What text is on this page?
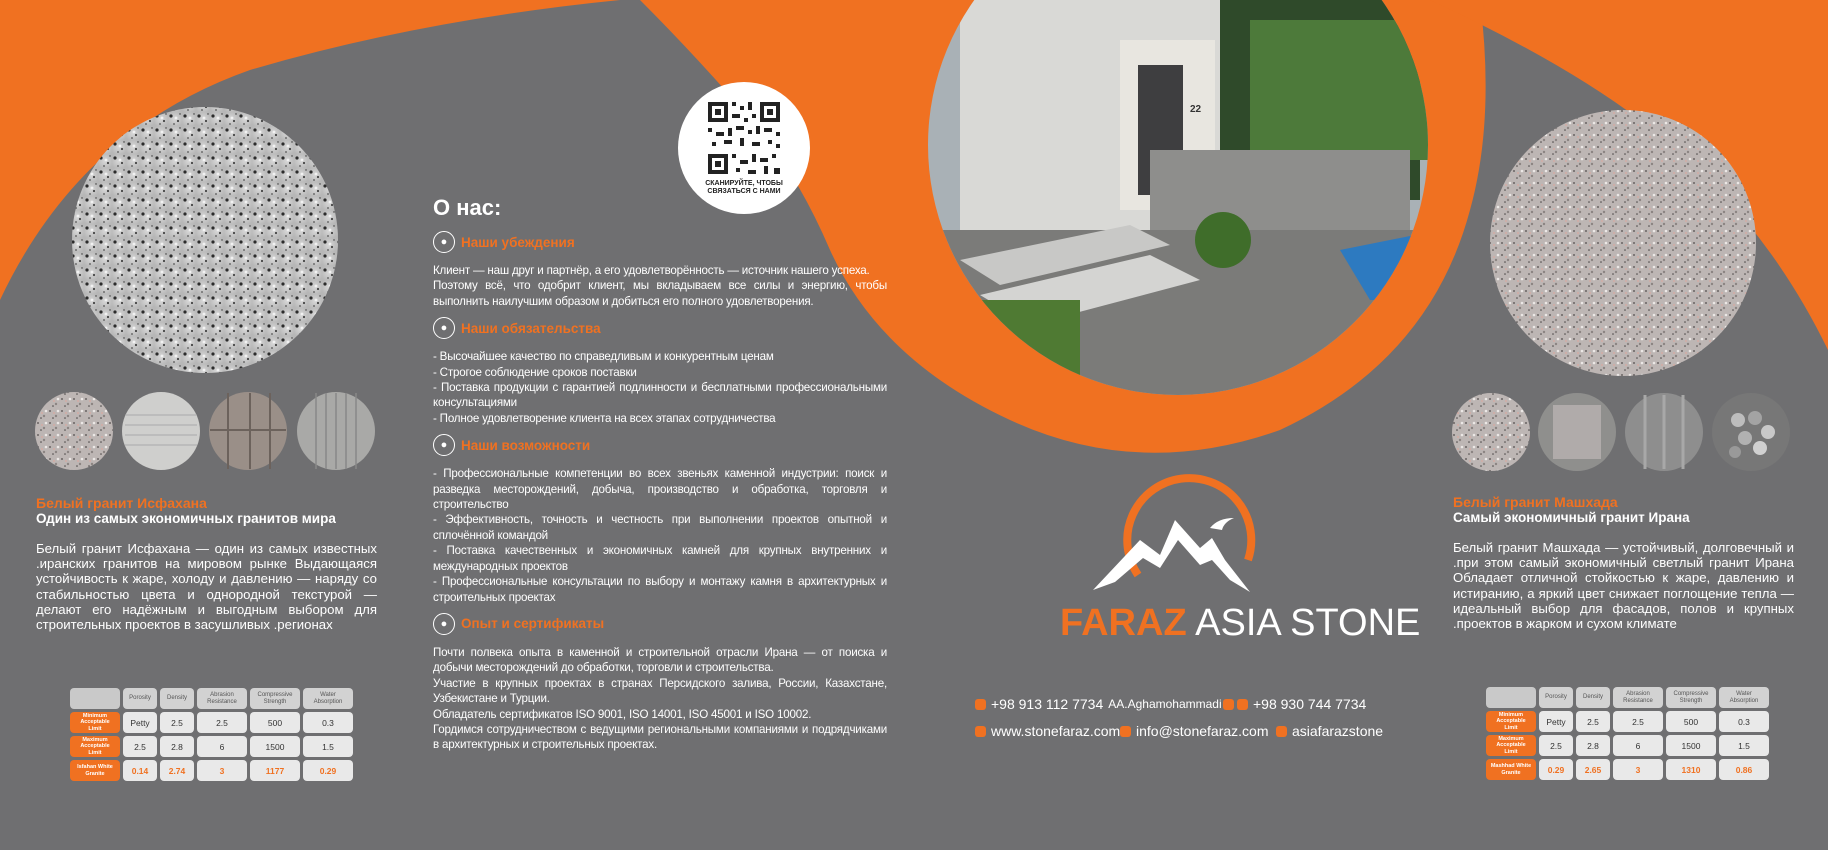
СКАНИРУЙТЕ, ЧТОБЫ СВЯЗАТЬСЯ С НАМИ
22
Белый гранит Исфахана
Один из самых экономичных гранитов мира
Белый гранит Исфахана — один из самых известных .иранских гранитов на мировом рынке Выдающаяся устойчивость к жаре, холоду и давлению — наряду со стабильностью цвета и однородной текстурой — делают его надёжным и выгодным выбором для строительных проектов в засушливых .регионах
	Porosity	Density	Abrasion Resistance	Compressive Strength	Water Absorption
Minimum Acceptable Limit	Petty	2.5	2.5	500	0.3
Maximum Acceptable Limit	2.5	2.8	6	1500	1.5
Isfahan White Granite	0.14	2.74	3	1177	0.29
О нас:
●	Наши убеждения

Клиент — наш друг и партнёр, а его удовлетворённость — источник нашего успеха.

Поэтому всё, что одобрит клиент, мы вкладываем все силы и энергию, чтобы выполнить наилучшим образом и добиться его полного удовлетворения.

●	Наши обязательства

- Высочайшее качество по справедливым и конкурентным ценам

- Строгое соблюдение сроков поставки

- Поставка продукции с гарантией подлинности и бесплатными профессиональными консультациями

- Полное удовлетворение клиента на всех этапах сотрудничества

●	Наши возможности

- Профессиональные компетенции во всех звеньях каменной индустрии: поиск и разведка месторождений, добыча, производство и обработка, торговля и строительство

- Эффективность, точность и честность при выполнении проектов опытной и сплочённой командой

- Поставка качественных и экономичных камней для крупных внутренних и международных проектов

- Профессиональные консультации по выбору и монтажу камня в архитектурных и строительных проектах

●	Опыт и сертификаты

Почти полвека опыта в каменной и строительной отрасли Ирана — от поиска и добычи месторождений до обработки, торговли и строительства.

Участие в крупных проектах в странах Персидского залива, России, Казахстане, Узбекистане и Турции.

Обладатель сертификатов ISO 9001, ISO 14001, ISO 45001 и ISO 10002.

Гордимся сотрудничеством с ведущими региональными компаниями и подрядчиками в архитектурных и строительных проектах.

FARAZ ASIA STONE
+98 913 112 7734 AA.Aghamohammadi +98 930 744 7734
www.stonefaraz.com info@stonefaraz.com asiafarazstone
Белый гранит Машхада
Самый экономичный гранит Ирана
Белый гранит Машхада — устойчивый, долговечный и .при этом самый экономичный светлый гранит Ирана Обладает отличной стойкостью к жаре, давлению и истиранию, а яркий цвет снижает поглощение тепла — идеальный выбор для фасадов, полов и крупных .проектов в жарком и сухом климате
	Porosity	Density	Abrasion Resistance	Compressive Strength	Water Absorption
Minimum Acceptable Limit	Petty	2.5	2.5	500	0.3
Maximum Acceptable Limit	2.5	2.8	6	1500	1.5
Mashhad White Granite	0.29	2.65	3	1310	0.86
